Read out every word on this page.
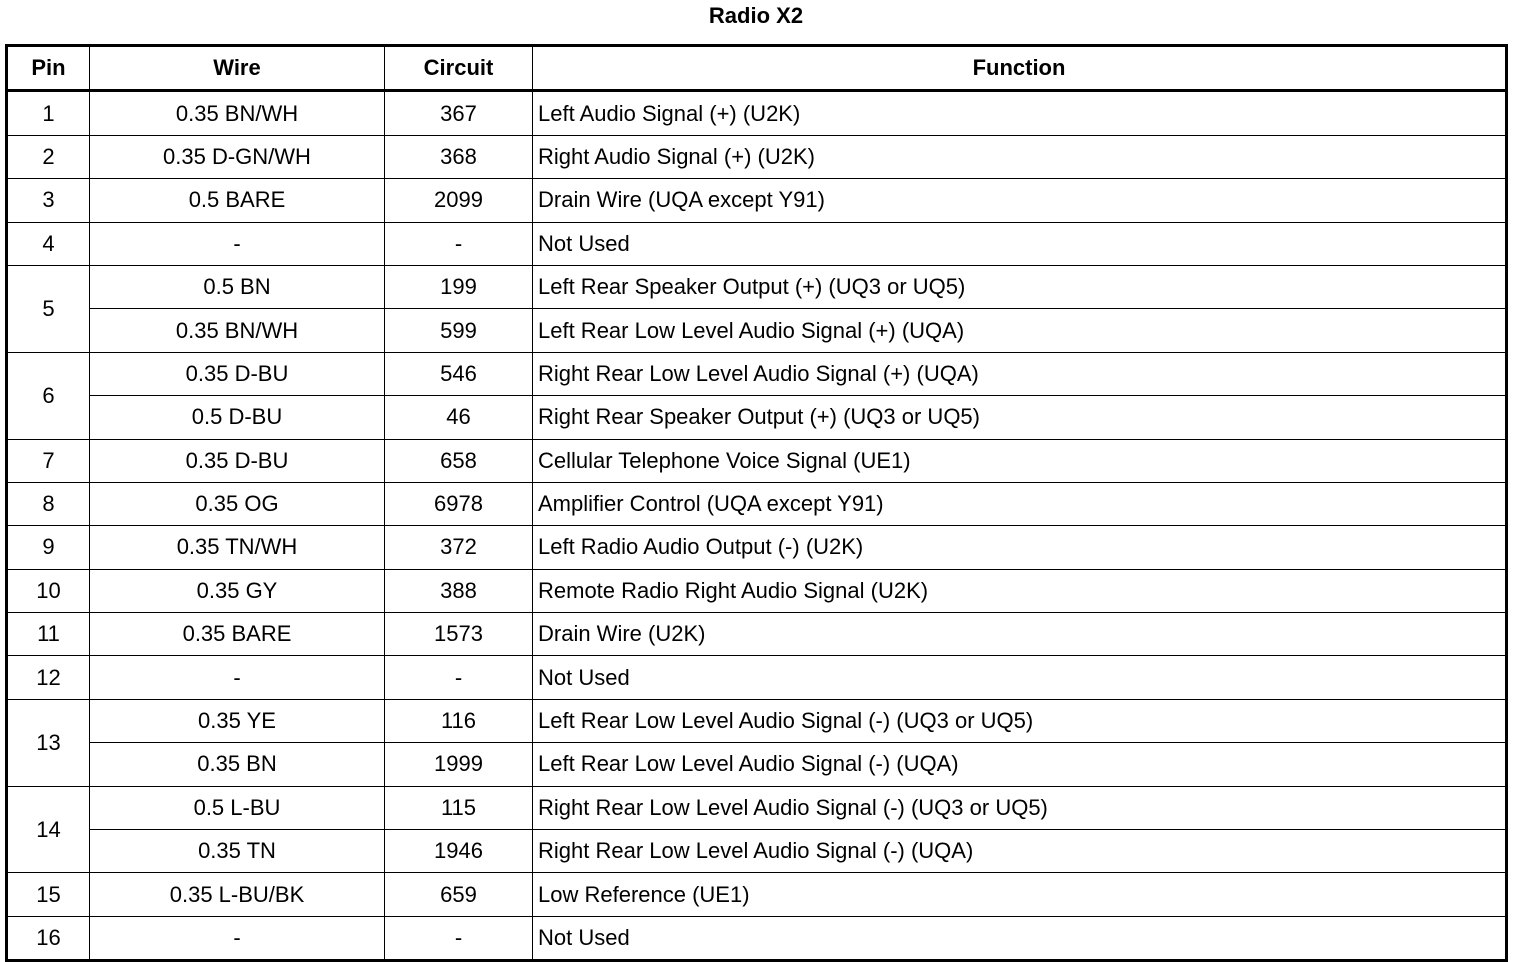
Radio X2
Pin	Wire	Circuit	Function
1	0.35 BN/WH	367	Left Audio Signal (+) (U2K)
2	0.35 D-GN/WH	368	Right Audio Signal (+) (U2K)
3	0.5 BARE	2099	Drain Wire (UQA except Y91)
4	-	-	Not Used
5	0.5 BN	199	Left Rear Speaker Output (+) (UQ3 or UQ5)
	0.35 BN/WH	599	Left Rear Low Level Audio Signal (+) (UQA)
6	0.35 D-BU	546	Right Rear Low Level Audio Signal (+) (UQA)
	0.5 D-BU	46	Right Rear Speaker Output (+) (UQ3 or UQ5)
7	0.35 D-BU	658	Cellular Telephone Voice Signal (UE1)
8	0.35 OG	6978	Amplifier Control (UQA except Y91)
9	0.35 TN/WH	372	Left Radio Audio Output (-) (U2K)
10	0.35 GY	388	Remote Radio Right Audio Signal (U2K)
11	0.35 BARE	1573	Drain Wire (U2K)
12	-	-	Not Used
13	0.35 YE	116	Left Rear Low Level Audio Signal (-) (UQ3 or UQ5)
	0.35 BN	1999	Left Rear Low Level Audio Signal (-) (UQA)
14	0.5 L-BU	115	Right Rear Low Level Audio Signal (-) (UQ3 or UQ5)
	0.35 TN	1946	Right Rear Low Level Audio Signal (-) (UQA)
15	0.35 L-BU/BK	659	Low Reference (UE1)
16	-	-	Not Used
